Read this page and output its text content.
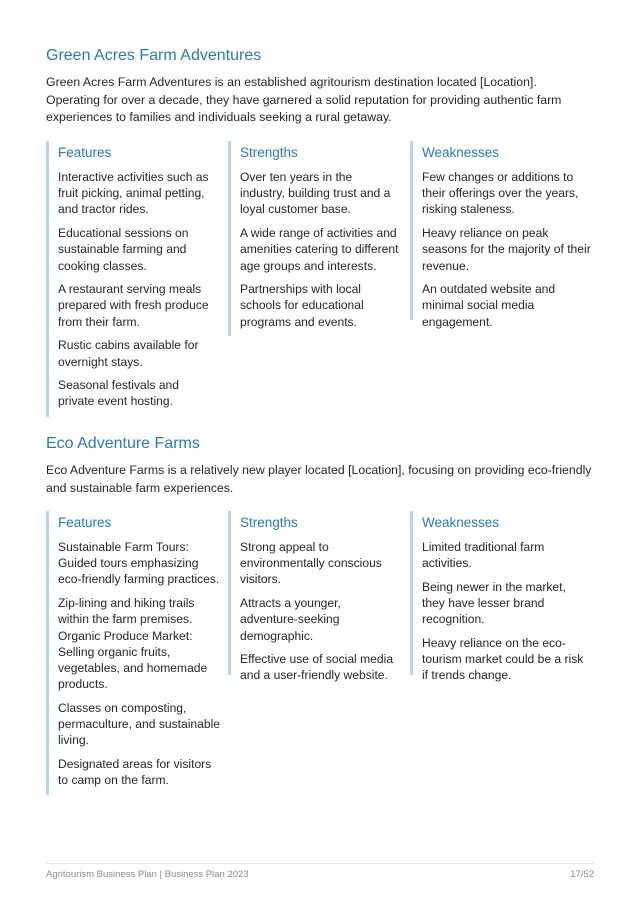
Green Acres Farm Adventures

Green Acres Farm Adventures is an established agritourism destination located [Location]. Operating for over a decade, they have garnered a solid reputation for providing authentic farm experiences to families and individuals seeking a rural getaway.

Features

Interactive activities such as fruit picking, animal petting, and tractor rides.

Educational sessions on sustainable farming and cooking classes.

A restaurant serving meals prepared with fresh produce from their farm.

Rustic cabins available for overnight stays.

Seasonal festivals and private event hosting.

Strengths

Over ten years in the industry, building trust and a loyal customer base.

A wide range of activities and amenities catering to different age groups and interests.

Partnerships with local schools for educational programs and events.

Weaknesses

Few changes or additions to their offerings over the years, risking staleness.

Heavy reliance on peak seasons for the majority of their revenue.

An outdated website and minimal social media engagement.

Eco Adventure Farms

Eco Adventure Farms is a relatively new player located [Location], focusing on providing eco-friendly and sustainable farm experiences.

Features

Sustainable Farm Tours: Guided tours emphasizing eco-friendly farming practices.

Zip-lining and hiking trails within the farm premises. Organic Produce Market: Selling organic fruits, vegetables, and homemade products.

Classes on composting, permaculture, and sustainable living.

Designated areas for visitors to camp on the farm.

Strengths

Strong appeal to environmentally conscious visitors.

Attracts a younger, adventure-seeking demographic.

Effective use of social media and a user-friendly website.

Weaknesses

Limited traditional farm activities.

Being newer in the market, they have lesser brand recognition.

Heavy reliance on the eco-tourism market could be a risk if trends change.

Agritourism Business Plan | Business Plan 2023	17/52
